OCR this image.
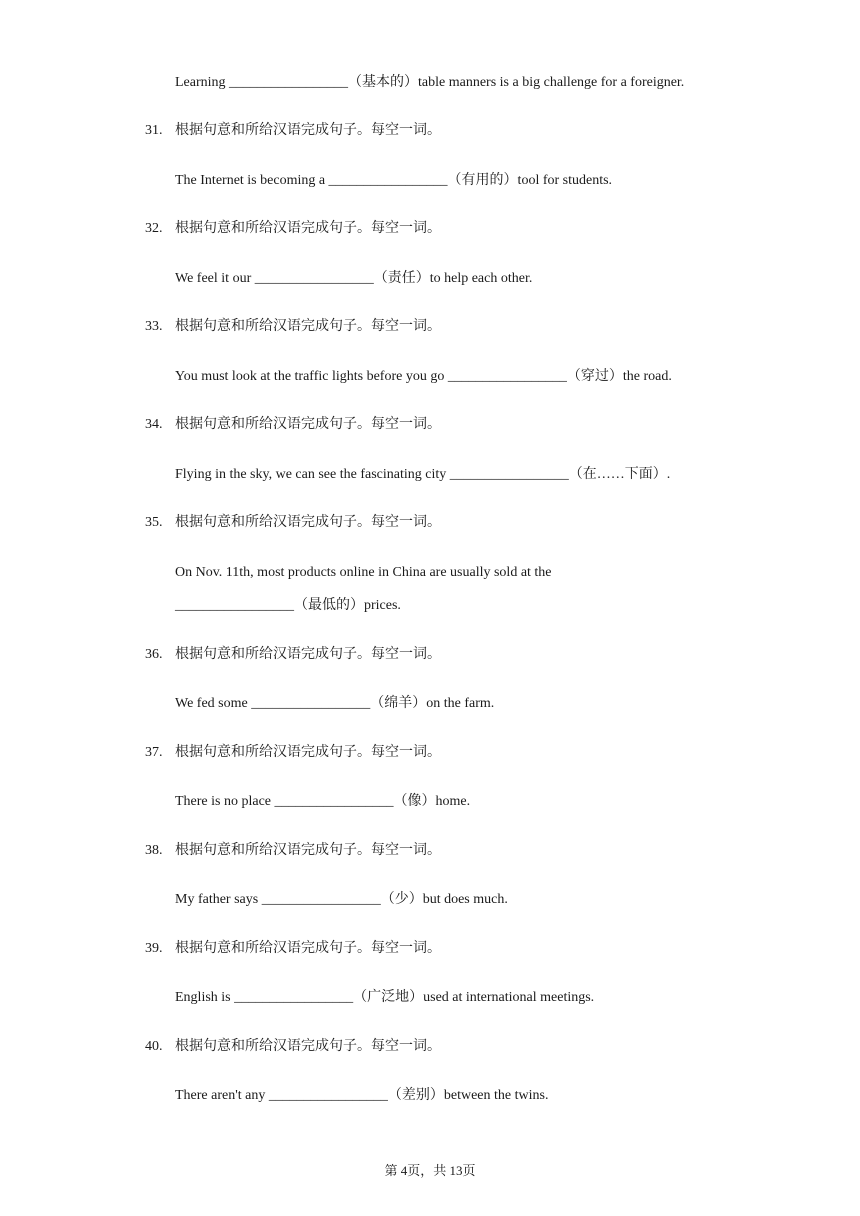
Learning _________________（基本的）table manners is a big challenge for a foreigner.
31. 根据句意和所给汉语完成句子。每空一词。
The Internet is becoming a _________________（有用的）tool for students.
32. 根据句意和所给汉语完成句子。每空一词。
We feel it our _________________（责任）to help each other.
33. 根据句意和所给汉语完成句子。每空一词。
You must look at the traffic lights before you go _________________（穿过）the road.
34. 根据句意和所给汉语完成句子。每空一词。
Flying in the sky, we can see the fascinating city _________________（在……下面）.
35. 根据句意和所给汉语完成句子。每空一词。
On Nov. 11th, most products online in China are usually sold at the
_________________（最低的）prices.
36. 根据句意和所给汉语完成句子。每空一词。
We fed some _________________（绵羊）on the farm.
37. 根据句意和所给汉语完成句子。每空一词。
There is no place _________________（像）home.
38. 根据句意和所给汉语完成句子。每空一词。
My father says _________________（少）but does much.
39. 根据句意和所给汉语完成句子。每空一词。
English is _________________（广泛地）used at international meetings.
40. 根据句意和所给汉语完成句子。每空一词。
There aren't any _________________（差别）between the twins.
第 4页，共 13页
